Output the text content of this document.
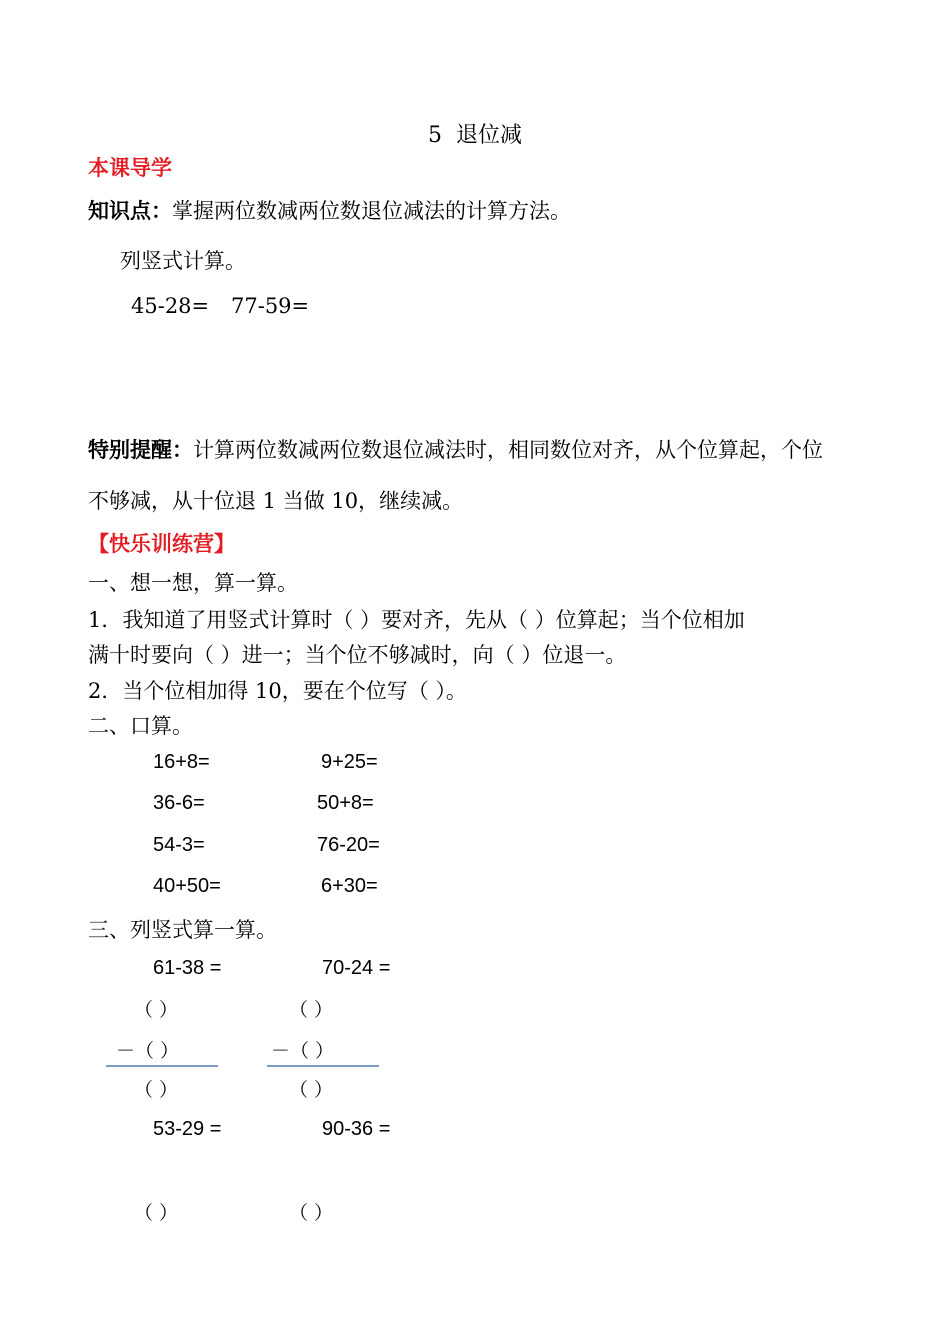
5 退位减
本课导学
知识点：掌握两位数减两位数退位减法的计算方法。
列竖式计算。
45-28= 77-59=
特别提醒：计算两位数减两位数退位减法时，相同数位对齐，从个位算起，个位
不够减，从十位退 1 当做 10，继续减。
【快乐训练营】
一、想一想，算一算。
1．我知道了用竖式计算时（ ）要对齐，先从（ ）位算起；当个位相加
满十时要向（ ）进一；当个位不够减时，向（ ）位退一。
2．当个位相加得 10，要在个位写（ ）。
二、口算。
16+8=	9+25=
36-6=	50+8=
54-3=	76-20=
40+50=	6+30=
三、列竖式算一算。
61-38 =	70-24 =
（ ）	（ ）
－（ ）	－（ ）
（ ）	（ ）
53-29 =	90-36 =
（ ）	（ ）
